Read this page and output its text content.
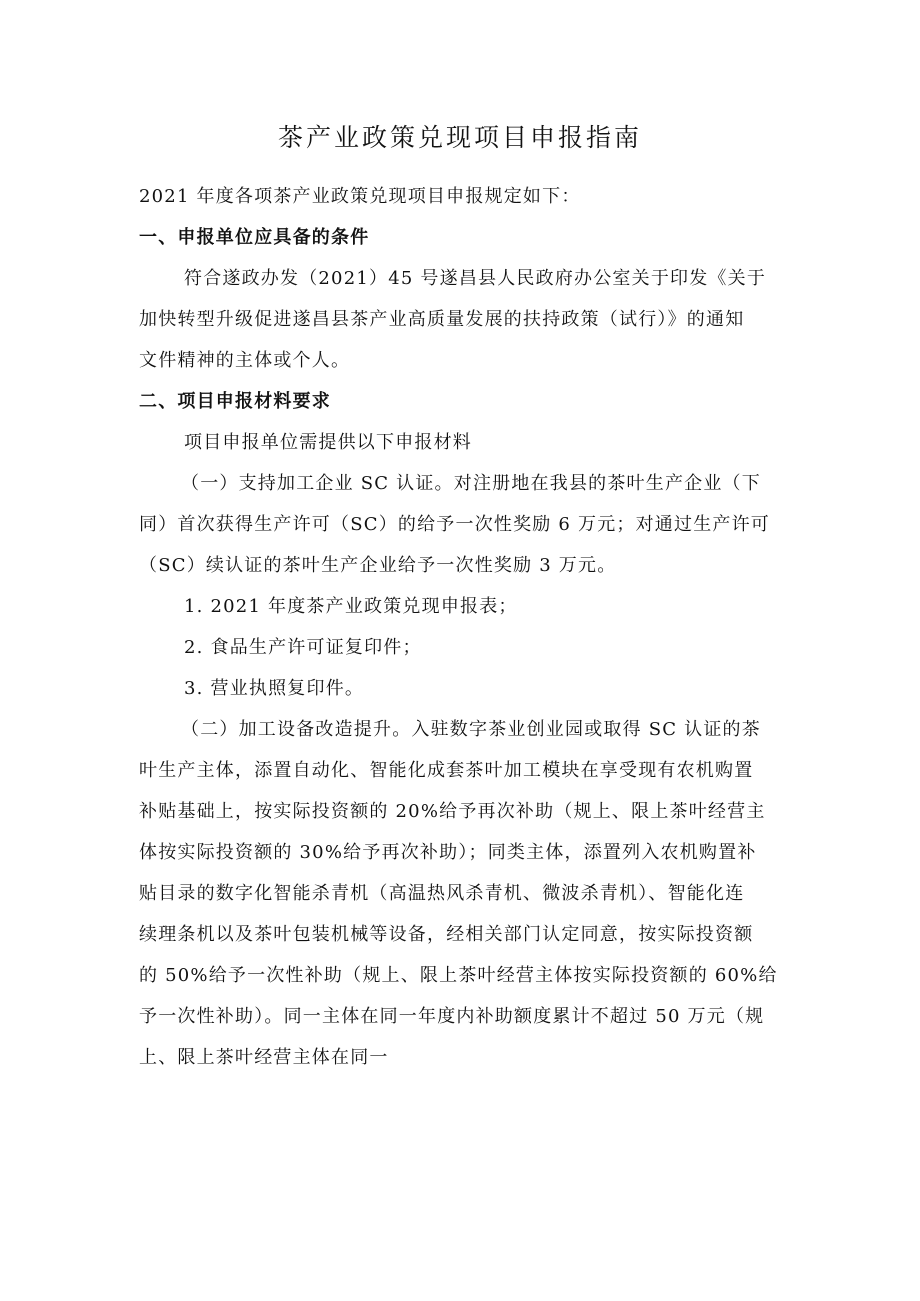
茶产业政策兑现项目申报指南

2021 年度各项茶产业政策兑现项目申报规定如下：

一、申报单位应具备的条件

符合遂政办发（2021）45 号遂昌县人民政府办公室关于印发《关于
加快转型升级促进遂昌县茶产业高质量发展的扶持政策（试行）》的通知
文件精神的主体或个人。

二、项目申报材料要求

项目申报单位需提供以下申报材料

（一）支持加工企业 SC 认证。对注册地在我县的茶叶生产企业（下
同）首次获得生产许可（SC）的给予一次性奖励 6 万元；对通过生产许可
（SC）续认证的茶叶生产企业给予一次性奖励 3 万元。

1. 2021 年度茶产业政策兑现申报表；

2. 食品生产许可证复印件；

3. 营业执照复印件。

（二）加工设备改造提升。入驻数字茶业创业园或取得 SC 认证的茶
叶生产主体，添置自动化、智能化成套茶叶加工模块在享受现有农机购置
补贴基础上，按实际投资额的 20%给予再次补助（规上、限上茶叶经营主
体按实际投资额的 30%给予再次补助）；同类主体，添置列入农机购置补
贴目录的数字化智能杀青机（高温热风杀青机、微波杀青机）、智能化连
续理条机以及茶叶包装机械等设备，经相关部门认定同意，按实际投资额
的 50%给予一次性补助（规上、限上茶叶经营主体按实际投资额的 60%给
予一次性补助）。同一主体在同一年度内补助额度累计不超过 50 万元（规
上、限上茶叶经营主体在同一
